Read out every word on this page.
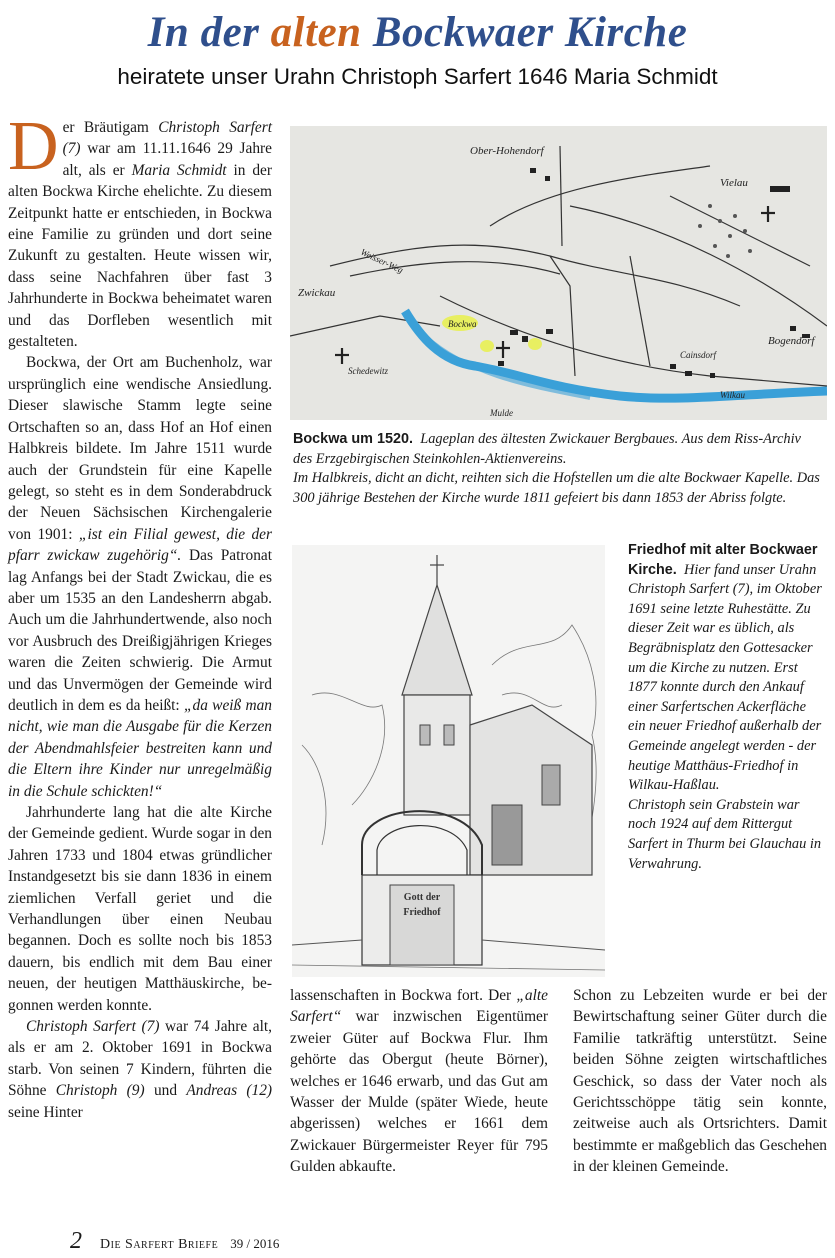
In der alten Bockwaer Kirche
heiratete unser Urahn Christoph Sarfert 1646 Maria Schmidt

Der Bräutigam Christoph Sarfert (7) war am 11.11.1646 29 Jahre alt, als er Maria Schmidt in der alten Bockwa Kirche ehelichte. Zu diesem Zeitpunkt hatte er entschieden, in Bockwa eine Familie zu gründen und dort seine Zukunft zu gestalten. Heute wissen wir, dass seine Nachfahren über fast 3 Jahrhunderte in Bockwa beheimatet waren und das Dorfleben wesentlich mit gestalteten.

Bockwa, der Ort am Buchenholz, war ursprünglich eine wendische Ansiedlung. Dieser slawische Stamm legte seine Ortschaften so an, dass Hof an Hof einen Halbkreis bildete. Im Jahre 1511 wurde auch der Grundstein für eine Kapelle gelegt, so steht es in dem Sonderabdruck der Neuen Sächsischen Kirchengalerie von 1901: „ist ein Filial gewest, die der pfarr zwickaw zugehörig“. Das Patronat lag Anfangs bei der Stadt Zwickau, die es aber um 1535 an den Landesherrn abgab. Auch um die Jahrhundertwende, also noch vor Ausbruch des Dreißigjährigen Krieges waren die Zeiten schwierig. Die Armut und das Unvermögen der Gemeinde wird deutlich in dem es da heißt: „da weiß man nicht, wie man die Ausgabe für die Kerzen der Abendmahlsfeier bestreiten kann und die Eltern ihre Kinder nur unregelmäßig in die Schule schickten!“

Jahrhunderte lang hat die alte Kirche der Gemeinde gedient. Wurde sogar in den Jahren 1733 und 1804 etwas gründlicher Instandgesetzt bis sie dann 1836 in einem ziemlichen Verfall geriet und die Verhandlungen über einen Neubau begannen. Doch es sollte noch bis 1853 dauern, bis endlich mit dem Bau einer neuen, der heutigen Matthäuskirche, begonnen werden konnte.

Christoph Sarfert (7) war 74 Jahre alt, als er am 2. Oktober 1691 in Bockwa starb. Von seinen 7 Kindern, führten die Söhne Christoph (9) und Andreas (12) seine Hinter

Ober-Hohendorf
Zwickau
Vielau
Bockwa
Bogendorf
Schedewitz
Mulde
Wilkau
Weisser-Weg
Cainsdorf
Bockwa um 1520. Lageplan des ältesten Zwickauer Bergbaues. Aus dem Riss-Archiv des Erzgebirgischen Steinkohlen-Aktienvereins.
Im Halbkreis, dicht an dicht, reihten sich die Hofstellen um die alte Bockwaer Kapelle. Das 300 jährige Bestehen der Kirche wurde 1811 gefeiert bis dann 1853 der Abriss folgte.
Gott der
Friedhof
Friedhof mit alter Bockwaer Kirche. Hier fand unser Urahn Christoph Sarfert (7), im Oktober 1691 seine letzte Ruhestätte. Zu dieser Zeit war es üblich, als Begräbnisplatz den Gottesacker um die Kirche zu nutzen. Erst 1877 konnte durch den Ankauf einer Sarfertschen Ackerfläche ein neuer Friedhof außerhalb der Gemeinde angelegt werden - der heutige Matthäus-Friedhof in Wilkau-Haßlau.
Christoph sein Grabstein war noch 1924 auf dem Rittergut Sarfert in Thurm bei Glauchau in Verwahrung.

lassenschaften in Bockwa fort. Der „alte Sarfert“ war inzwischen Eigentümer zweier Güter auf Bockwa Flur. Ihm gehörte das Obergut (heute Börner), welches er 1646 erwarb, und das Gut am Wasser der Mulde (später Wiede, heute abgerissen) welches er 1661 dem Zwickauer Bürgermeister Reyer für 795 Gulden abkaufte.

Schon zu Lebzeiten wurde er bei der Bewirtschaftung seiner Güter durch die Familie tatkräftig unterstützt. Seine beiden Söhne zeigten wirtschaftliches Geschick, so dass der Vater noch als Gerichtsschöppe tätig sein konnte, zeitweise auch als Ortsrichters. Damit bestimmte er maßgeblich das Geschehen in der kleinen Gemeinde.

2 Die Sarfert Briefe 39 / 2016
